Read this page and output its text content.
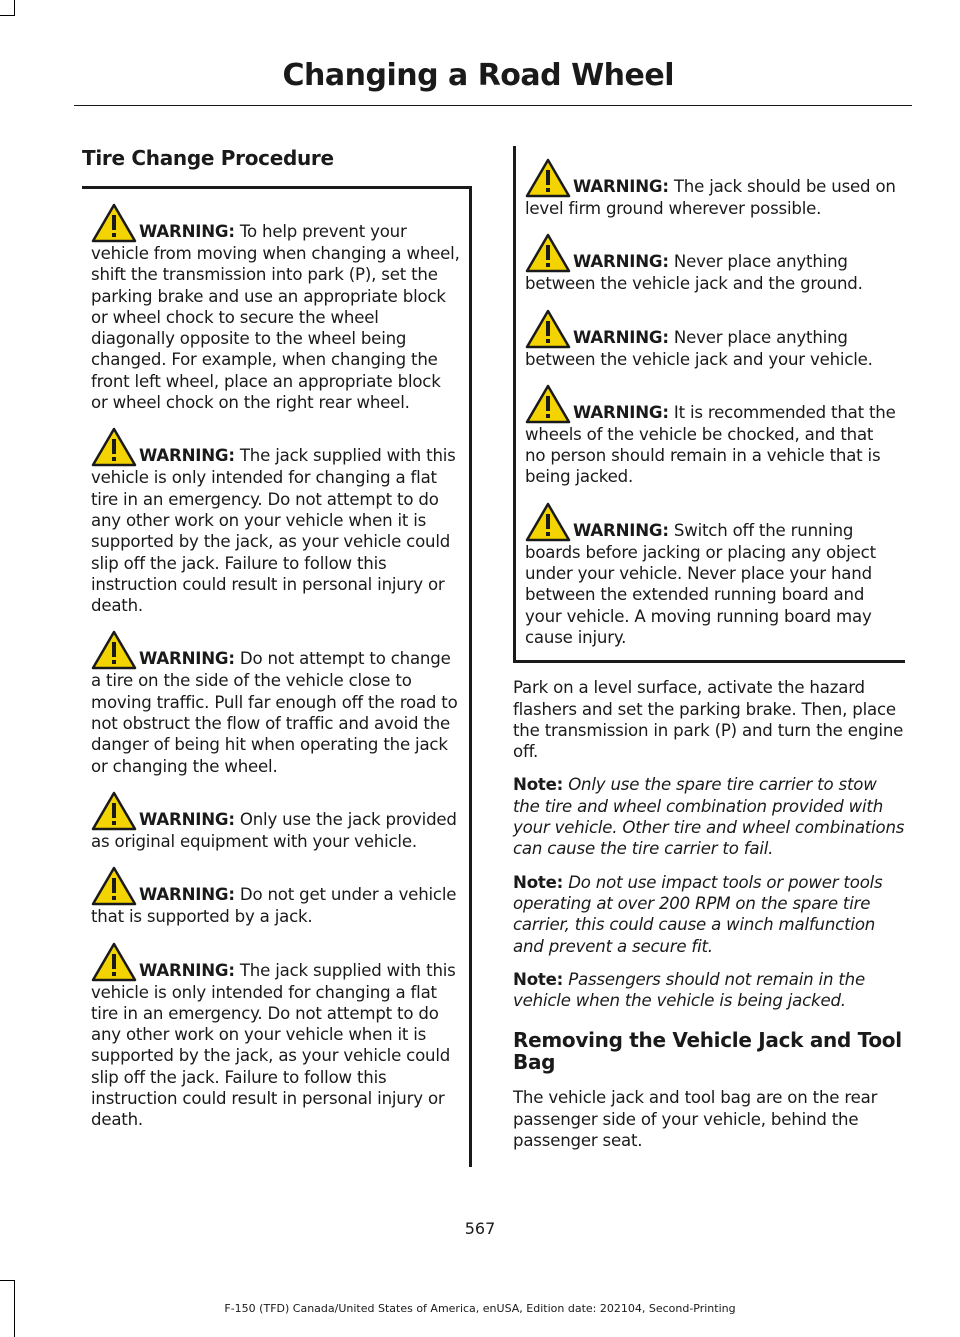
Changing a Road Wheel
Tire Change Procedure

WARNING: To help prevent your vehicle from moving when changing a wheel, shift the transmission into park (P), set the parking brake and use an appropriate block or wheel chock to secure the wheel diagonally opposite to the wheel being changed. For example, when changing the front left wheel, place an appropriate block or wheel chock on the right rear wheel.

WARNING: The jack supplied with this vehicle is only intended for changing a flat tire in an emergency. Do not attempt to do any other work on your vehicle when it is supported by the jack, as your vehicle could slip off the jack. Failure to follow this instruction could result in personal injury or death.

WARNING: Do not attempt to change a tire on the side of the vehicle close to moving traffic. Pull far enough off the road to not obstruct the flow of traffic and avoid the danger of being hit when operating the jack or changing the wheel.

WARNING: Only use the jack provided as original equipment with your vehicle.

WARNING: Do not get under a vehicle that is supported by a jack.

WARNING: The jack supplied with this vehicle is only intended for changing a flat tire in an emergency. Do not attempt to do any other work on your vehicle when it is supported by the jack, as your vehicle could slip off the jack. Failure to follow this instruction could result in personal injury or death.

WARNING: The jack should be used on level firm ground wherever possible.

WARNING: Never place anything between the vehicle jack and the ground.

WARNING: Never place anything between the vehicle jack and your vehicle.

WARNING: It is recommended that the wheels of the vehicle be chocked, and that no person should remain in a vehicle that is being jacked.

WARNING: Switch off the running boards before jacking or placing any object under your vehicle. Never place your hand between the extended running board and your vehicle. A moving running board may cause injury.

Park on a level surface, activate the hazard flashers and set the parking brake. Then, place the transmission in park (P) and turn the engine off.

Note: Only use the spare tire carrier to stow the tire and wheel combination provided with your vehicle. Other tire and wheel combinations can cause the tire carrier to fail.

Note: Do not use impact tools or power tools operating at over 200 RPM on the spare tire carrier, this could cause a winch malfunction and prevent a secure fit.

Note: Passengers should not remain in the vehicle when the vehicle is being jacked.

Removing the Vehicle Jack and Tool Bag

The vehicle jack and tool bag are on the rear passenger side of your vehicle, behind the passenger seat.

567
F-150 (TFD) Canada/United States of America, enUSA, Edition date: 202104, Second-Printing
